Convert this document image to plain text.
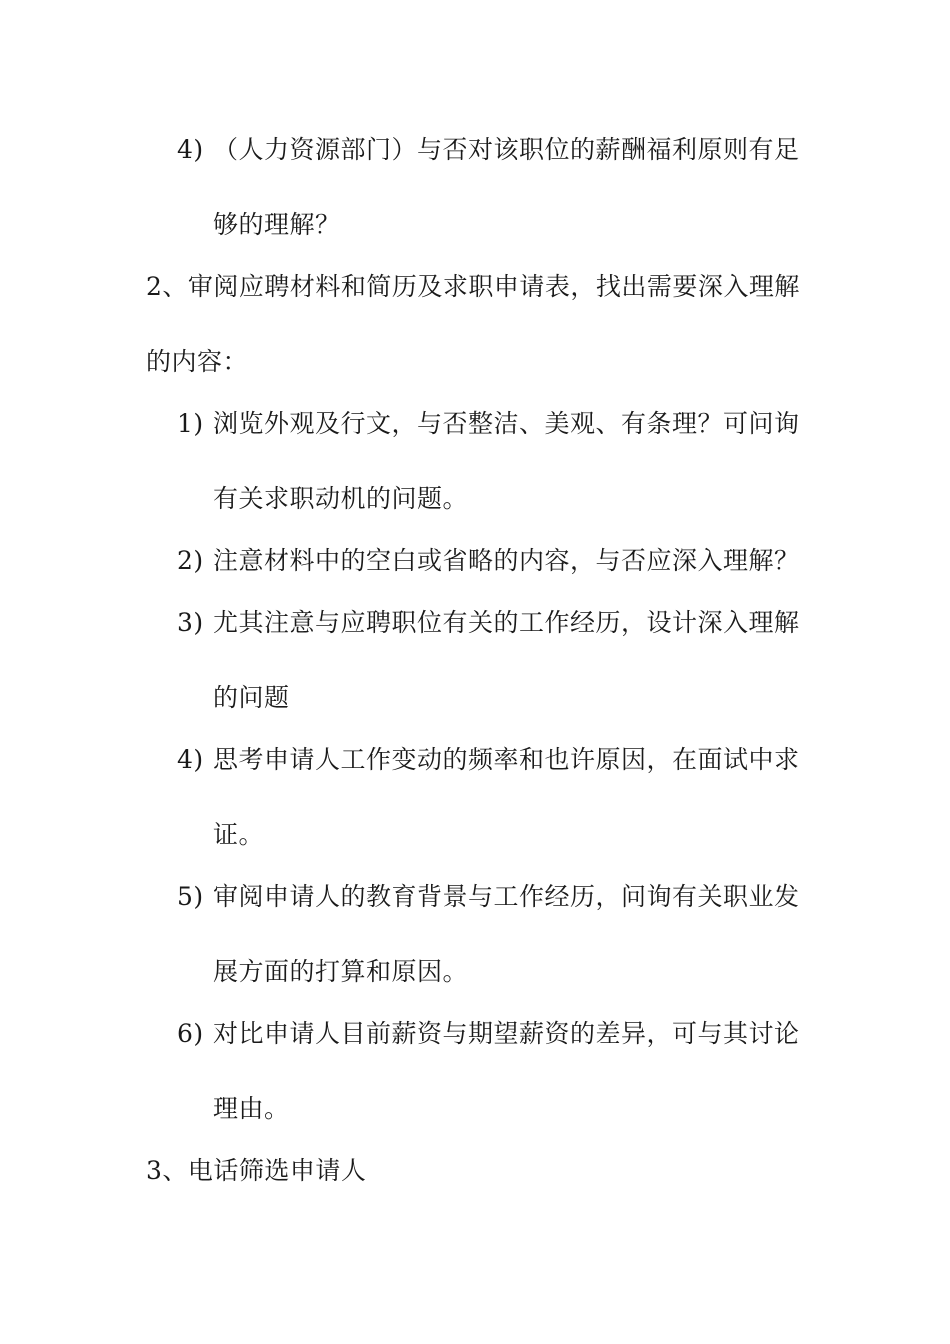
4) （人力资源部门）与否对该职位的薪酬福利原则有足
够的理解？
2、审阅应聘材料和简历及求职申请表，找出需要深入理解
的内容：
1) 浏览外观及行文，与否整洁、美观、有条理？可问询
有关求职动机的问题。
2) 注意材料中的空白或省略的内容，与否应深入理解？
3) 尤其注意与应聘职位有关的工作经历，设计深入理解
的问题
4) 思考申请人工作变动的频率和也许原因，在面试中求
证。
5) 审阅申请人的教育背景与工作经历，问询有关职业发
展方面的打算和原因。
6) 对比申请人目前薪资与期望薪资的差异，可与其讨论
理由。
3、电话筛选申请人
